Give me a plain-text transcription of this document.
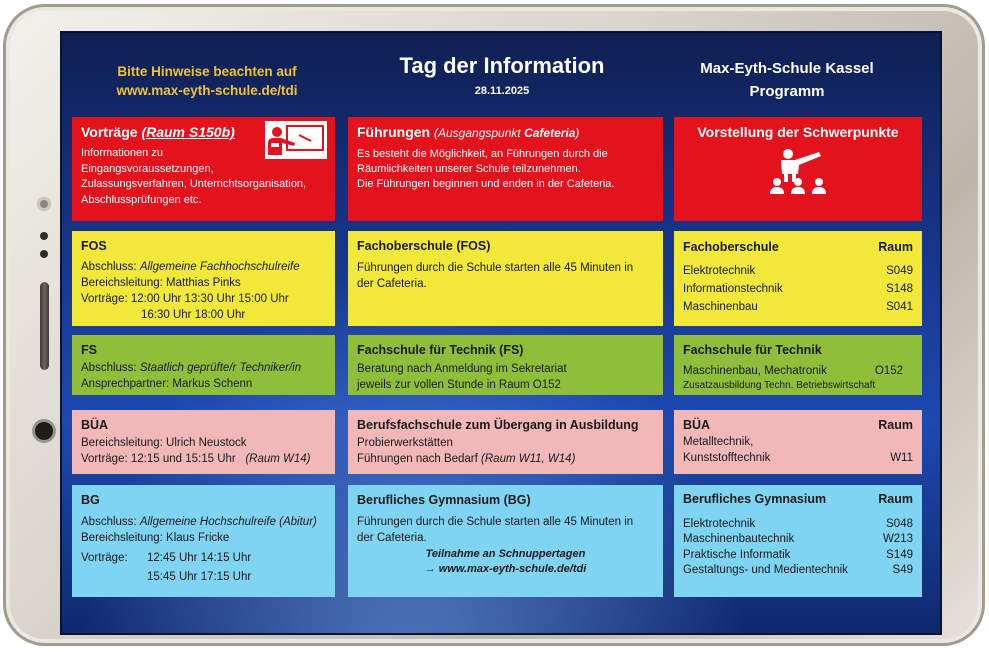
Bitte Hinweise beachten auf
www.max-eyth-schule.de/tdi
Tag der Information
28.11.2025
Max-Eyth-Schule Kassel
Programm
Vorträge (Raum S150b)
Informationen zu
Eingangsvoraussetzungen,
Zulassungsverfahren, Unterrichtsorganisation,
Abschlussprüfungen etc.
FOS
Abschluss: Allgemeine Fachhochschulreife
Bereichsleitung: Matthias Pinks
Vorträge: 12:00 Uhr 13:30 Uhr 15:00 Uhr
16:30 Uhr 18:00 Uhr
FS
Abschluss: Staatlich geprüfte/r Techniker/in
Ansprechpartner: Markus Schenn
BÜA
Bereichsleitung: Ulrich Neustock
Vorträge: 12:15 und 15:15 Uhr (Raum W14)
BG
Abschluss: Allgemeine Hochschulreife (Abitur)
Bereichsleitung: Klaus Fricke
Vorträge:	12:45 Uhr 14:15 Uhr
15:45 Uhr 17:15 Uhr
Führungen (Ausgangspunkt Cafeteria)
Es besteht die Möglichkeit, an Führungen durch die
Räumlichkeiten unserer Schule teilzunehmen.
Die Führungen beginnen und enden in der Cafeteria.
Fachoberschule (FOS)
Führungen durch die Schule starten alle 45 Minuten in
der Cafeteria.
Fachschule für Technik (FS)
Beratung nach Anmeldung im Sekretariat
jeweils zur vollen Stunde in Raum O152
Berufsfachschule zum Übergang in Ausbildung
Probierwerkstätten
Führungen nach Bedarf (Raum W11, W14)
Berufliches Gymnasium (BG)
Führungen durch die Schule starten alle 45 Minuten in
der Cafeteria.
Teilnahme an Schnuppertagen
→ www.max-eyth-schule.de/tdi
Vorstellung der Schwerpunkte
Fachoberschule	Raum
Elektrotechnik	S049
Informationstechnik	S148
Maschinenbau	S041
Fachschule für Technik
Maschinenbau, Mechatronik	O152
Zusatzausbildung Techn. Betriebswirtschaft
BÜA	Raum
Metalltechnik,
Kunststofftechnik	W11
Berufliches Gymnasium	Raum
Elektrotechnik	S048
Maschinenbautechnik	W213
Praktische Informatik	S149
Gestaltungs- und Medientechnik	S49
